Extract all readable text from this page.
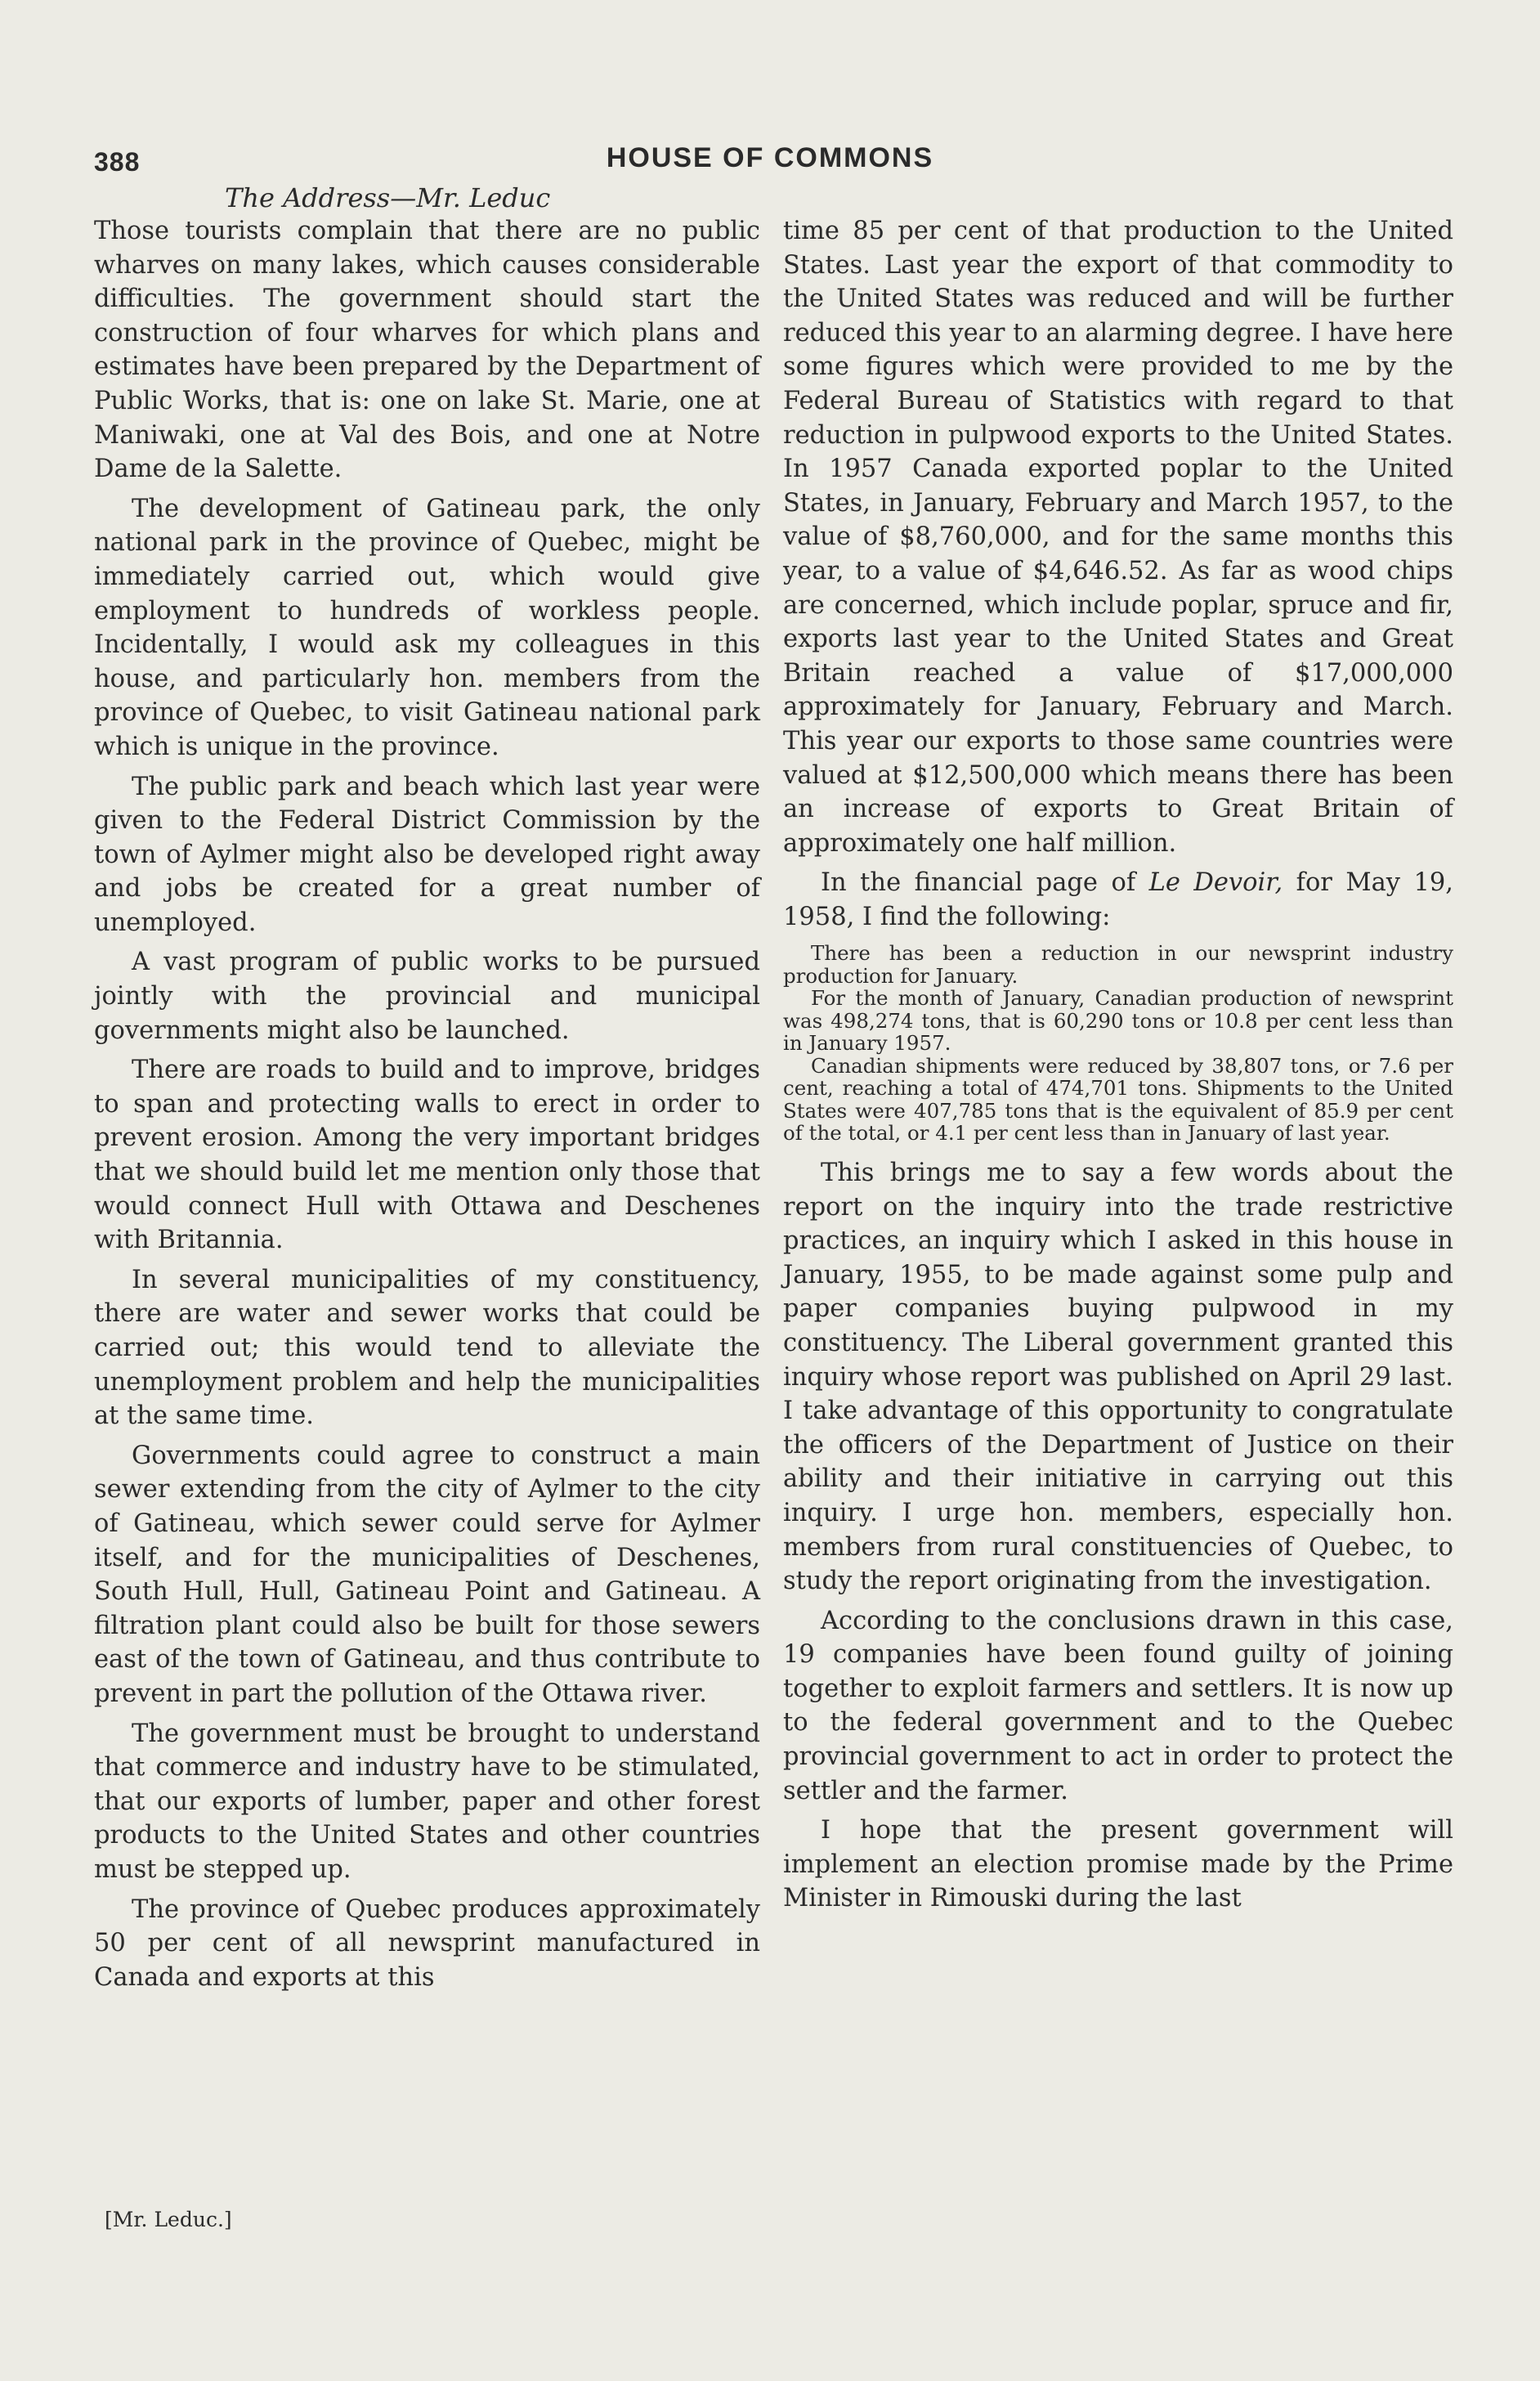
388	HOUSE OF COMMONS
The Address—Mr. Leduc

Those tourists complain that there are no public wharves on many lakes, which causes considerable difficulties. The government should start the construction of four wharves for which plans and estimates have been prepared by the Department of Public Works, that is: one on lake St. Marie, one at Maniwaki, one at Val des Bois, and one at Notre Dame de la Salette.

The development of Gatineau park, the only national park in the province of Quebec, might be immediately carried out, which would give employment to hundreds of workless people. Incidentally, I would ask my colleagues in this house, and particularly hon. members from the province of Quebec, to visit Gatineau national park which is unique in the province.

The public park and beach which last year were given to the Federal District Commission by the town of Aylmer might also be developed right away and jobs be created for a great number of unemployed.

A vast program of public works to be pursued jointly with the provincial and municipal governments might also be launched.

There are roads to build and to improve, bridges to span and protecting walls to erect in order to prevent erosion. Among the very important bridges that we should build let me mention only those that would connect Hull with Ottawa and Deschenes with Britannia.

In several municipalities of my constituency, there are water and sewer works that could be carried out; this would tend to alleviate the unemployment problem and help the municipalities at the same time.

Governments could agree to construct a main sewer extending from the city of Aylmer to the city of Gatineau, which sewer could serve for Aylmer itself, and for the municipalities of Deschenes, South Hull, Hull, Gatineau Point and Gatineau. A filtration plant could also be built for those sewers east of the town of Gatineau, and thus contribute to prevent in part the pollution of the Ottawa river.

The government must be brought to understand that commerce and industry have to be stimulated, that our exports of lumber, paper and other forest products to the United States and other countries must be stepped up.

The province of Quebec produces approximately 50 per cent of all newsprint manufactured in Canada and exports at this

time 85 per cent of that production to the United States. Last year the export of that commodity to the United States was reduced and will be further reduced this year to an alarming degree. I have here some figures which were provided to me by the Federal Bureau of Statistics with regard to that reduction in pulpwood exports to the United States. In 1957 Canada exported poplar to the United States, in January, February and March 1957, to the value of $8,760,000, and for the same months this year, to a value of $4,646.52. As far as wood chips are concerned, which include poplar, spruce and fir, exports last year to the United States and Great Britain reached a value of $17,000,000 approximately for January, February and March. This year our exports to those same countries were valued at $12,500,000 which means there has been an increase of exports to Great Britain of approximately one half million.

In the financial page of Le Devoir, for May 19, 1958, I find the following:

There has been a reduction in our newsprint industry production for January.

For the month of January, Canadian production of newsprint was 498,274 tons, that is 60,290 tons or 10.8 per cent less than in January 1957.

Canadian shipments were reduced by 38,807 tons, or 7.6 per cent, reaching a total of 474,701 tons. Shipments to the United States were 407,785 tons that is the equivalent of 85.9 per cent of the total, or 4.1 per cent less than in January of last year.

This brings me to say a few words about the report on the inquiry into the trade restrictive practices, an inquiry which I asked in this house in January, 1955, to be made against some pulp and paper companies buying pulpwood in my constituency. The Liberal government granted this inquiry whose report was published on April 29 last. I take advantage of this opportunity to congratulate the officers of the Department of Justice on their ability and their initiative in carrying out this inquiry. I urge hon. members, especially hon. members from rural constituencies of Quebec, to study the report originating from the investigation.

According to the conclusions drawn in this case, 19 companies have been found guilty of joining together to exploit farmers and settlers. It is now up to the federal government and to the Quebec provincial government to act in order to protect the settler and the farmer.

I hope that the present government will implement an election promise made by the Prime Minister in Rimouski during the last

[Mr. Leduc.]
